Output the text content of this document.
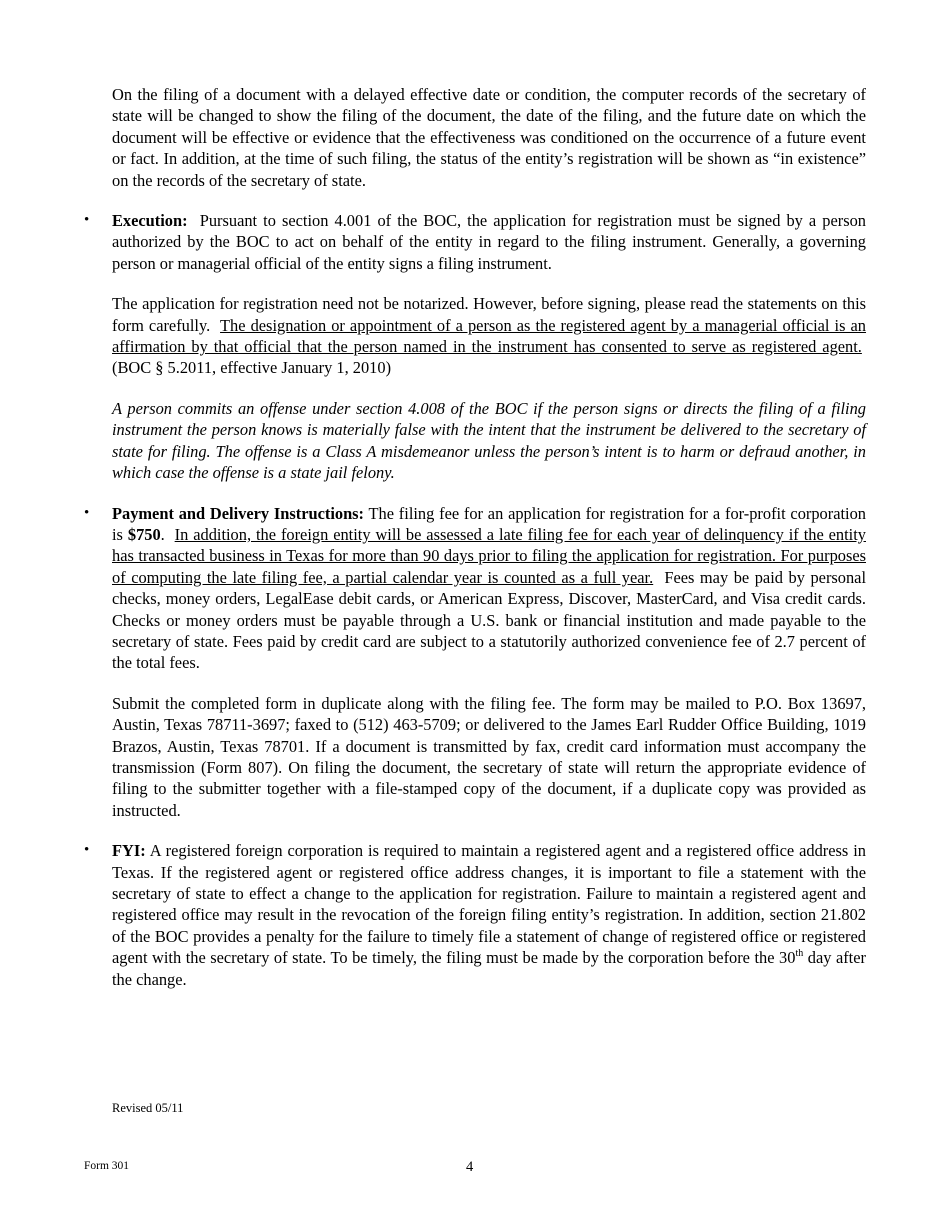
On the filing of a document with a delayed effective date or condition, the computer records of the secretary of state will be changed to show the filing of the document, the date of the filing, and the future date on which the document will be effective or evidence that the effectiveness was conditioned on the occurrence of a future event or fact. In addition, at the time of such filing, the status of the entity’s registration will be shown as “in existence” on the records of the secretary of state.

• Execution: Pursuant to section 4.001 of the BOC, the application for registration must be signed by a person authorized by the BOC to act on behalf of the entity in regard to the filing instrument. Generally, a governing person or managerial official of the entity signs a filing instrument.

The application for registration need not be notarized. However, before signing, please read the statements on this form carefully. The designation or appointment of a person as the registered agent by a managerial official is an affirmation by that official that the person named in the instrument has consented to serve as registered agent.  (BOC § 5.2011, effective January 1, 2010)

A person commits an offense under section 4.008 of the BOC if the person signs or directs the filing of a filing instrument the person knows is materially false with the intent that the instrument be delivered to the secretary of state for filing. The offense is a Class A misdemeanor unless the person’s intent is to harm or defraud another, in which case the offense is a state jail felony.

• Payment and Delivery Instructions: The filing fee for an application for registration for a for-profit corporation is $750. In addition, the foreign entity will be assessed a late filing fee for each year of delinquency if the entity has transacted business in Texas for more than 90 days prior to filing the application for registration. For purposes of computing the late filing fee, a partial calendar year is counted as a full year. Fees may be paid by personal checks, money orders, LegalEase debit cards, or American Express, Discover, MasterCard, and Visa credit cards. Checks or money orders must be payable through a U.S. bank or financial institution and made payable to the secretary of state. Fees paid by credit card are subject to a statutorily authorized convenience fee of 2.7 percent of the total fees.

Submit the completed form in duplicate along with the filing fee. The form may be mailed to P.O. Box 13697, Austin, Texas 78711-3697; faxed to (512) 463-5709; or delivered to the James Earl Rudder Office Building, 1019 Brazos, Austin, Texas 78701. If a document is transmitted by fax, credit card information must accompany the transmission (Form 807). On filing the document, the secretary of state will return the appropriate evidence of filing to the submitter together with a file-stamped copy of the document, if a duplicate copy was provided as instructed.

• FYI: A registered foreign corporation is required to maintain a registered agent and a registered office address in Texas. If the registered agent or registered office address changes, it is important to file a statement with the secretary of state to effect a change to the application for registration. Failure to maintain a registered agent and registered office may result in the revocation of the foreign filing entity’s registration. In addition, section 21.802 of the BOC provides a penalty for the failure to timely file a statement of change of registered office or registered agent with the secretary of state. To be timely, the filing must be made by the corporation before the 30th day after the change.

Revised 05/11
Form 301	4
